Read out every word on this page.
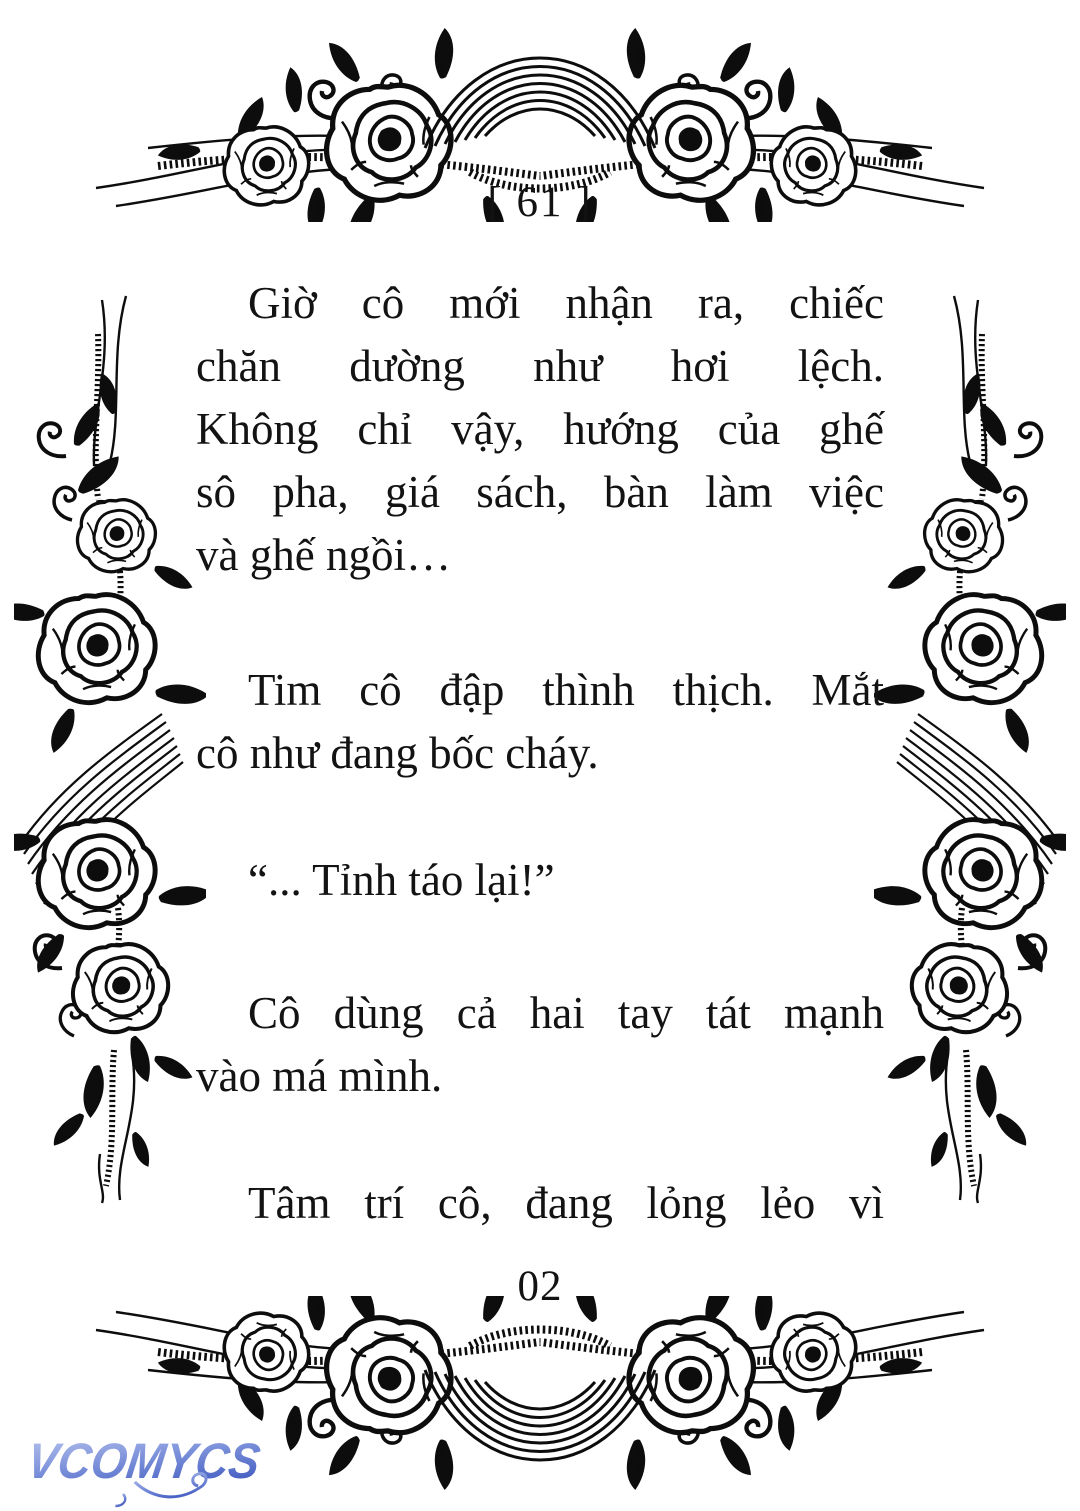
[ 61 ]
Giờ cô mới nhận ra, chiếc
chăn dường như hơi lệch.
Không chỉ vậy, hướng của ghế
sô pha, giá sách, bàn làm việc
và ghế ngồi…
Tim cô đập thình thịch. Mắt
cô như đang bốc cháy.
“... Tỉnh táo lại!”
Cô dùng cả hai tay tát mạnh
vào má mình.
Tâm trí cô, đang lỏng lẻo vì
02
VCOMYCS
